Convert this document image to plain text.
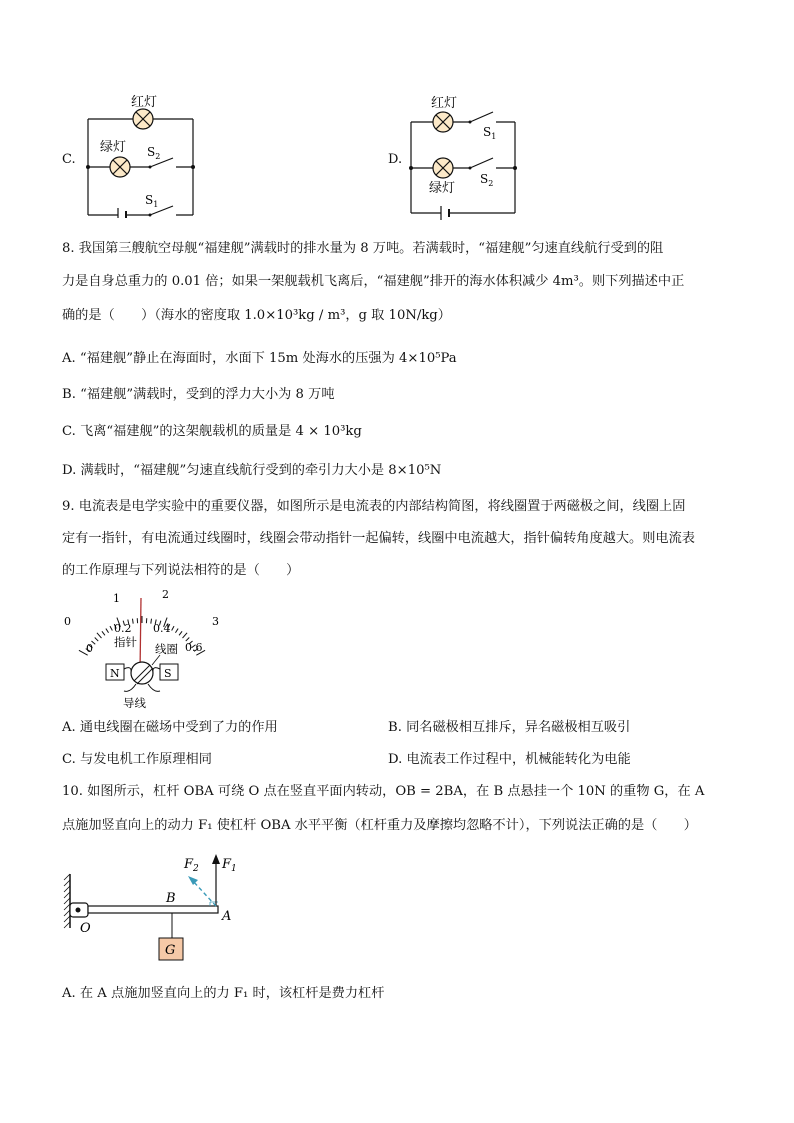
C.
红灯
绿灯 $S_2$
$S_1$
D.
红灯
绿灯
$S_1$
$S_2$
8. 我国第三艘航空母舰“福建舰”满载时的排水量为 8 万吨。若满载时，“福建舰”匀速直线航行受到的阻
力是自身总重力的 0.01 倍；如果一架舰载机飞离后，“福建舰”排开的海水体积减少 4m³。则下列描述中正
确的是（　　）（海水的密度取 1.0×10³kg / m³，g 取 10N/kg）
A. “福建舰”静止在海面时，水面下 15m 处海水的压强为 4×10⁵Pa
B. “福建舰”满载时，受到的浮力大小为 8 万吨
C. 飞离“福建舰”的这架舰载机的质量是 4 × 10³kg
D. 满载时，“福建舰”匀速直线航行受到的牵引力大小是 8×10⁵N
9. 电流表是电学实验中的重要仪器，如图所示是电流表的内部结构简图，将线圈置于两磁极之间，线圈上固
定有一指针，有电流通过线圈时，线圈会带动指针一起偏转，线圈中电流越大，指针偏转角度越大。则电流表
的工作原理与下列说法相符的是（　　）
0
1	2
3
0
0.2 0.4
0.6
指针 线圈
N	S
导线
A. 通电线圈在磁场中受到了力的作用	B. 同名磁极相互排斥，异名磁极相互吸引
C. 与发电机工作原理相同	D. 电流表工作过程中，机械能转化为电能
10. 如图所示，杠杆 OBA 可绕 O 点在竖直平面内转动，OB = 2BA，在 B 点悬挂一个 10N 的重物 G，在 A
点施加竖直向上的动力 F₁ 使杠杆 OBA 水平平衡（杠杆重力及摩擦均忽略不计），下列说法正确的是（　　）
$F_2$ $F_1$
B
A
O
G
A. 在 A 点施加竖直向上的力 F₁ 时，该杠杆是费力杠杆
